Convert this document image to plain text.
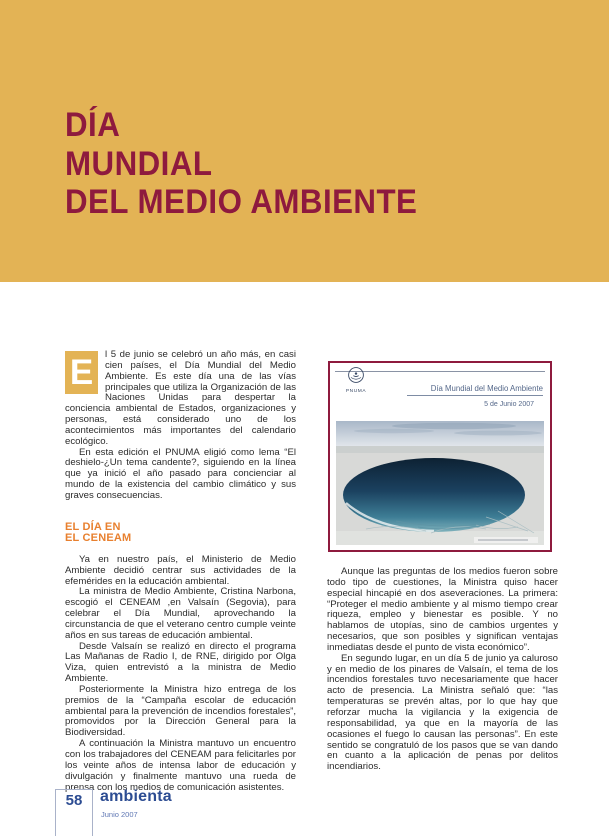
DÍA
MUNDIAL
DEL MEDIO AMBIENTE

E	l 5 de junio se celebró un año más, en casi cien países, el Día Mundial del Medio Ambiente. Es este día una de las vías principales que utiliza la Organización de las Naciones Unidas para despertar la conciencia ambiental de Estados, organizaciones y personas, está considerado uno de los acontecimientos más importantes del calendario ecológico.

En esta edición el PNUMA eligió como lema “El deshielo-¿Un tema candente?, siguiendo en la línea que ya inició el año pasado para concienciar al mundo de la existencia del cambio climático y sus graves consecuencias.

EL DÍA EN
EL CENEAM

Ya en nuestro país, el Ministerio de Medio Ambiente decidió centrar sus actividades de la efemérides en la educación ambiental.

La ministra de Medio Ambiente, Cristina Narbona, escogió el CENEAM ,en Valsaín (Segovia), para celebrar el Día Mundial, aprovechando la circunstancia de que el veterano centro cumple veinte años en sus tareas de educación ambiental.

Desde Valsaín se realizó en directo el programa Las Mañanas de Radio I, de RNE, dirigido por Olga Viza, quien entrevistó a la ministra de Medio Ambiente.

Posteriormente la Ministra hizo entrega de los premios de la “Campaña escolar de educación ambiental para la prevención de incendios forestales”, promovidos por la Dirección General para la Biodiversidad.

A continuación la Ministra mantuvo un encuentro con los trabajadores del CENEAM para felicitarles por los veinte años de intensa labor de educación y divulgación y finalmente mantuvo una rueda de prensa con los medios de comunicación asistentes.

PNUMA	Día Mundial del Medio Ambiente
5 de Junio 2007

Aunque las preguntas de los medios fueron sobre todo tipo de cuestiones, la Ministra quiso hacer especial hincapié en dos aseveraciones. La primera: “Proteger el medio ambiente y al mismo tiempo crear riqueza, empleo y bienestar es posible. Y no hablamos de utopías, sino de cambios urgentes y necesarios, que son posibles y significan ventajas inmediatas desde el punto de vista económico”.

En segundo lugar, en un día 5 de junio ya caluroso y en medio de los pinares de Valsaín, el tema de los incendios forestales tuvo necesariamente que hacer acto de presencia. La Ministra señaló que: “las temperaturas se prevén altas, por lo que hay que reforzar mucha la vigilancia y la exigencia de responsabilidad, ya que en la mayoría de las ocasiones el fuego lo causan las personas”. En este sentido se congratuló de los pasos que se van dando en cuanto a la aplicación de penas por delitos incendiarios.

58	ambienta
Junio 2007
